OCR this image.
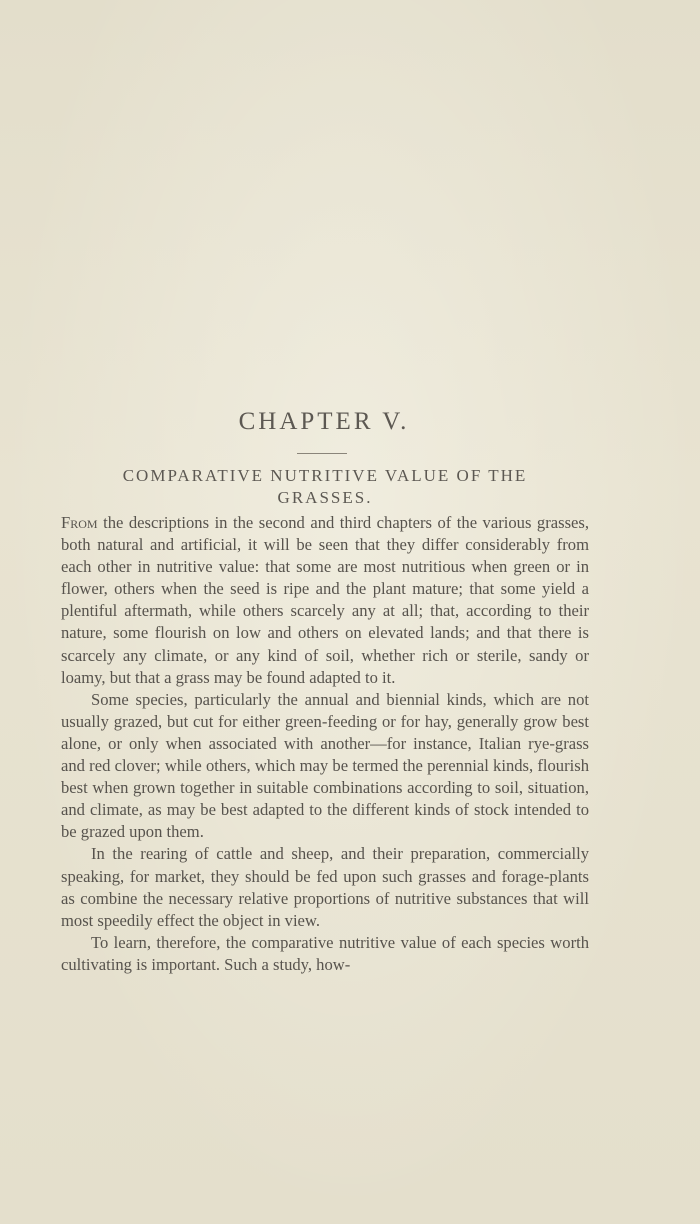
CHAPTER V.
COMPARATIVE NUTRITIVE VALUE OF THE GRASSES.

From the descriptions in the second and third chapters of the various grasses, both natural and artificial, it will be seen that they differ considerably from each other in nutritive value: that some are most nutritious when green or in flower, others when the seed is ripe and the plant mature; that some yield a plentiful aftermath, while others scarcely any at all; that, according to their nature, some flourish on low and others on elevated lands; and that there is scarcely any climate, or any kind of soil, whether rich or sterile, sandy or loamy, but that a grass may be found adapted to it.

Some species, particularly the annual and biennial kinds, which are not usually grazed, but cut for either green-feeding or for hay, generally grow best alone, or only when associated with another—for instance, Italian rye-grass and red clover; while others, which may be termed the perennial kinds, flourish best when grown together in suitable combinations according to soil, situation, and climate, as may be best adapted to the different kinds of stock intended to be grazed upon them.

In the rearing of cattle and sheep, and their preparation, commercially speaking, for market, they should be fed upon such grasses and forage-plants as combine the necessary relative proportions of nutritive substances that will most speedily effect the object in view.

To learn, therefore, the comparative nutritive value of each species worth cultivating is important. Such a study, how-
